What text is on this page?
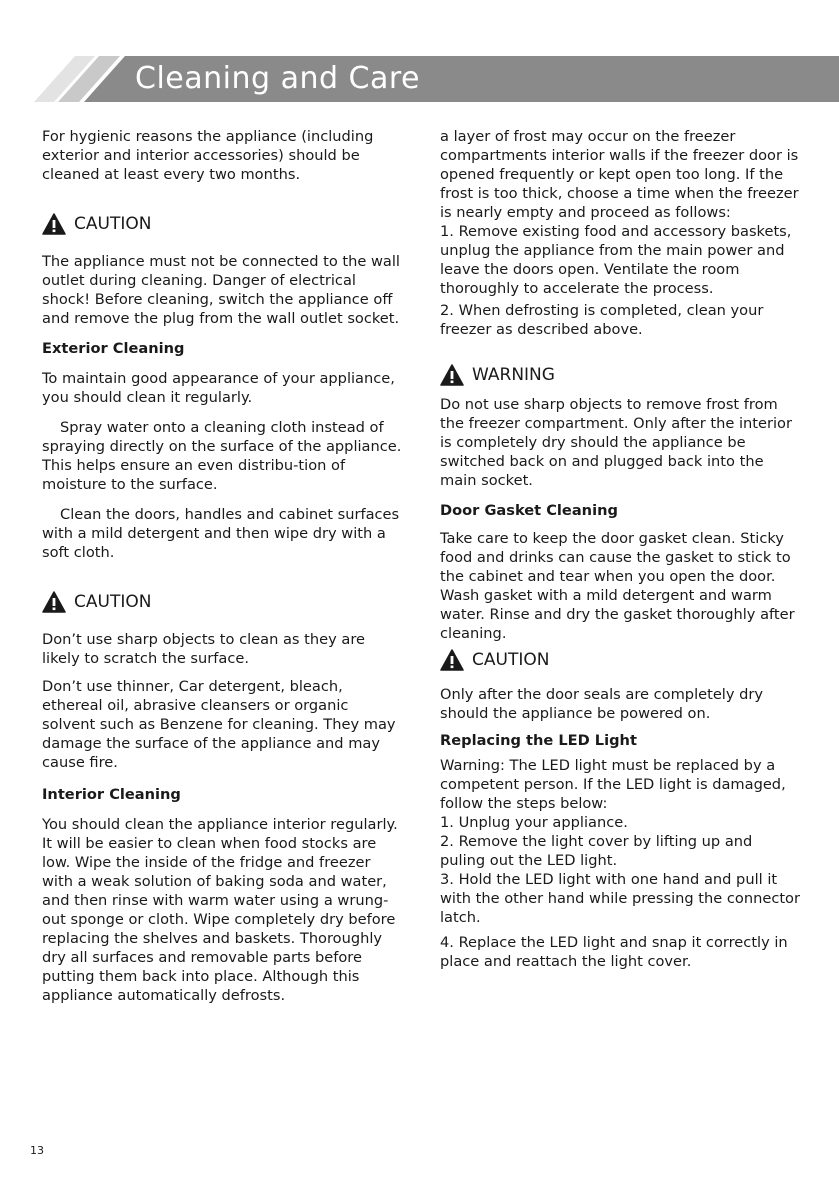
Cleaning and Care

For hygienic reasons the appliance (including exterior and interior accessories) should be cleaned at least every two months.

CAUTION

The appliance must not be connected to the wall outlet during cleaning. Danger of electrical shock! Before cleaning, switch the appliance off and remove the plug from the wall outlet socket.

Exterior Cleaning

To maintain good appearance of your appliance, you should clean it regularly.

Spray water onto a cleaning cloth instead of spraying directly on the surface of the appliance. This helps ensure an even distribu-tion of moisture to the surface.

Clean the doors, handles and cabinet surfaces with a mild detergent and then wipe dry with a soft cloth.

CAUTION

Don’t use sharp objects to clean as they are likely to scratch the surface.

Don’t use thinner, Car detergent, bleach, ethereal oil, abrasive cleansers or organic solvent such as Benzene for cleaning. They may damage the surface of the appliance and may cause fire.

Interior Cleaning

You should clean the appliance interior regularly. It will be easier to clean when food stocks are low. Wipe the inside of the fridge and freezer with a weak solution of baking soda and water, and then rinse with warm water using a wrung-out sponge or cloth. Wipe completely dry before replacing the shelves and baskets. Thoroughly dry all surfaces and removable parts before putting them back into place. Although this appliance automatically defrosts.

a layer of frost may occur on the freezer compartments interior walls if the freezer door is opened frequently or kept open too long. If the frost is too thick, choose a time when the freezer is nearly empty and proceed as follows:

1. Remove existing food and accessory baskets, unplug the appliance from the main power and leave the doors open. Ventilate the room thoroughly to accelerate the process.

2. When defrosting is completed, clean your freezer as described above.

WARNING

Do not use sharp objects to remove frost from the freezer compartment. Only after the interior is completely dry should the appliance be switched back on and plugged back into the main socket.

Door Gasket Cleaning

Take care to keep the door gasket clean. Sticky food and drinks can cause the gasket to stick to the cabinet and tear when you open the door. Wash gasket with a mild detergent and warm water. Rinse and dry the gasket thoroughly after cleaning.

CAUTION

Only after the door seals are completely dry should the appliance be powered on.

Replacing the LED Light

Warning: The LED light must be replaced by a competent person. If the LED light is damaged, follow the steps below:

1. Unplug your appliance.

2. Remove the light cover by lifting up and puling out the LED light.

3. Hold the LED light with one hand and pull it with the other hand while pressing the connector latch.

4. Replace the LED light and snap it correctly in place and reattach the light cover.

13
